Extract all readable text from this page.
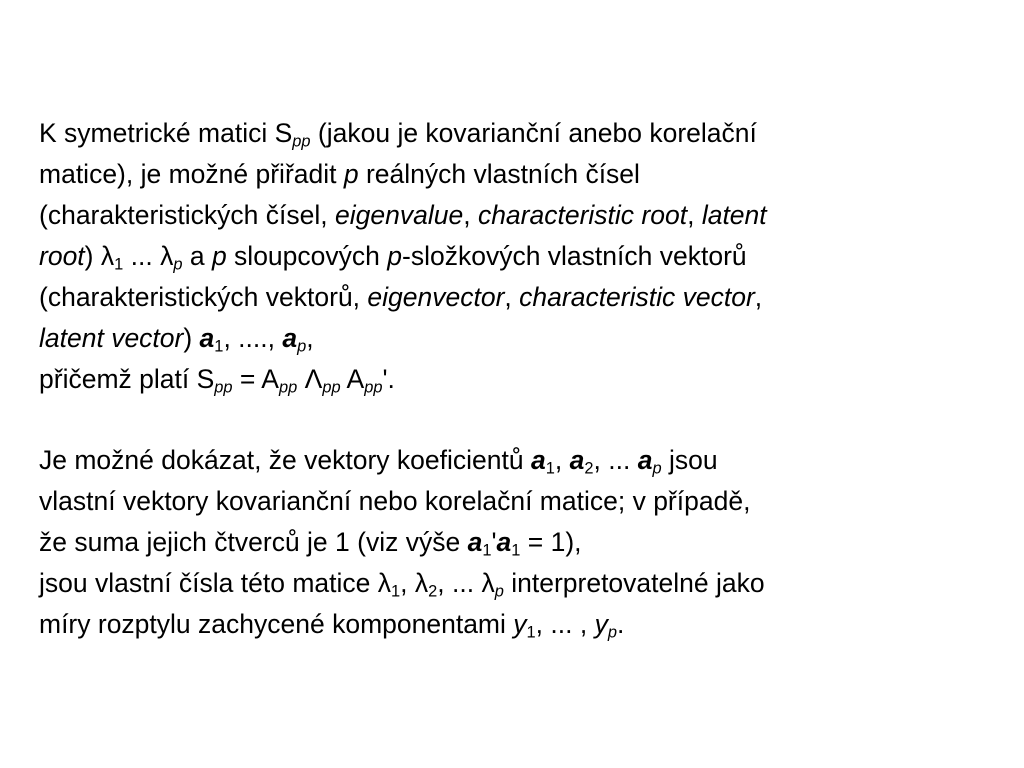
K symetrické matici $S_{pp}$ (jakou je kovarianční anebo korelační
matice), je možné přiřadit p reálných vlastních čísel
(charakteristických čísel, eigenvalue, characteristic root, latent
root) $\lambda_1$ ... $\lambda_p$ a p sloupcových p-složkových vlastních vektorů
(charakteristických vektorů, eigenvector, characteristic vector,
latent vector) $a_1$, ...., $a_p$,

přičemž platí $S_{pp} = A_{pp}$ $\Lambda_{pp}$ $A_{pp}'$.

Je možné dokázat, že vektory koeficientů $a_1$, $a_2$, ... $a_p$ jsou
vlastní vektory kovarianční nebo korelační matice; v případě,
že suma jejich čtverců je 1 (viz výše $a_1'a_1 = 1$),
jsou vlastní čísla této matice $\lambda_1$, $\lambda_2$, ... $\lambda_p$ interpretovatelné jako
míry rozptylu zachycené komponentami $y_1$, ... , $y_p$.
